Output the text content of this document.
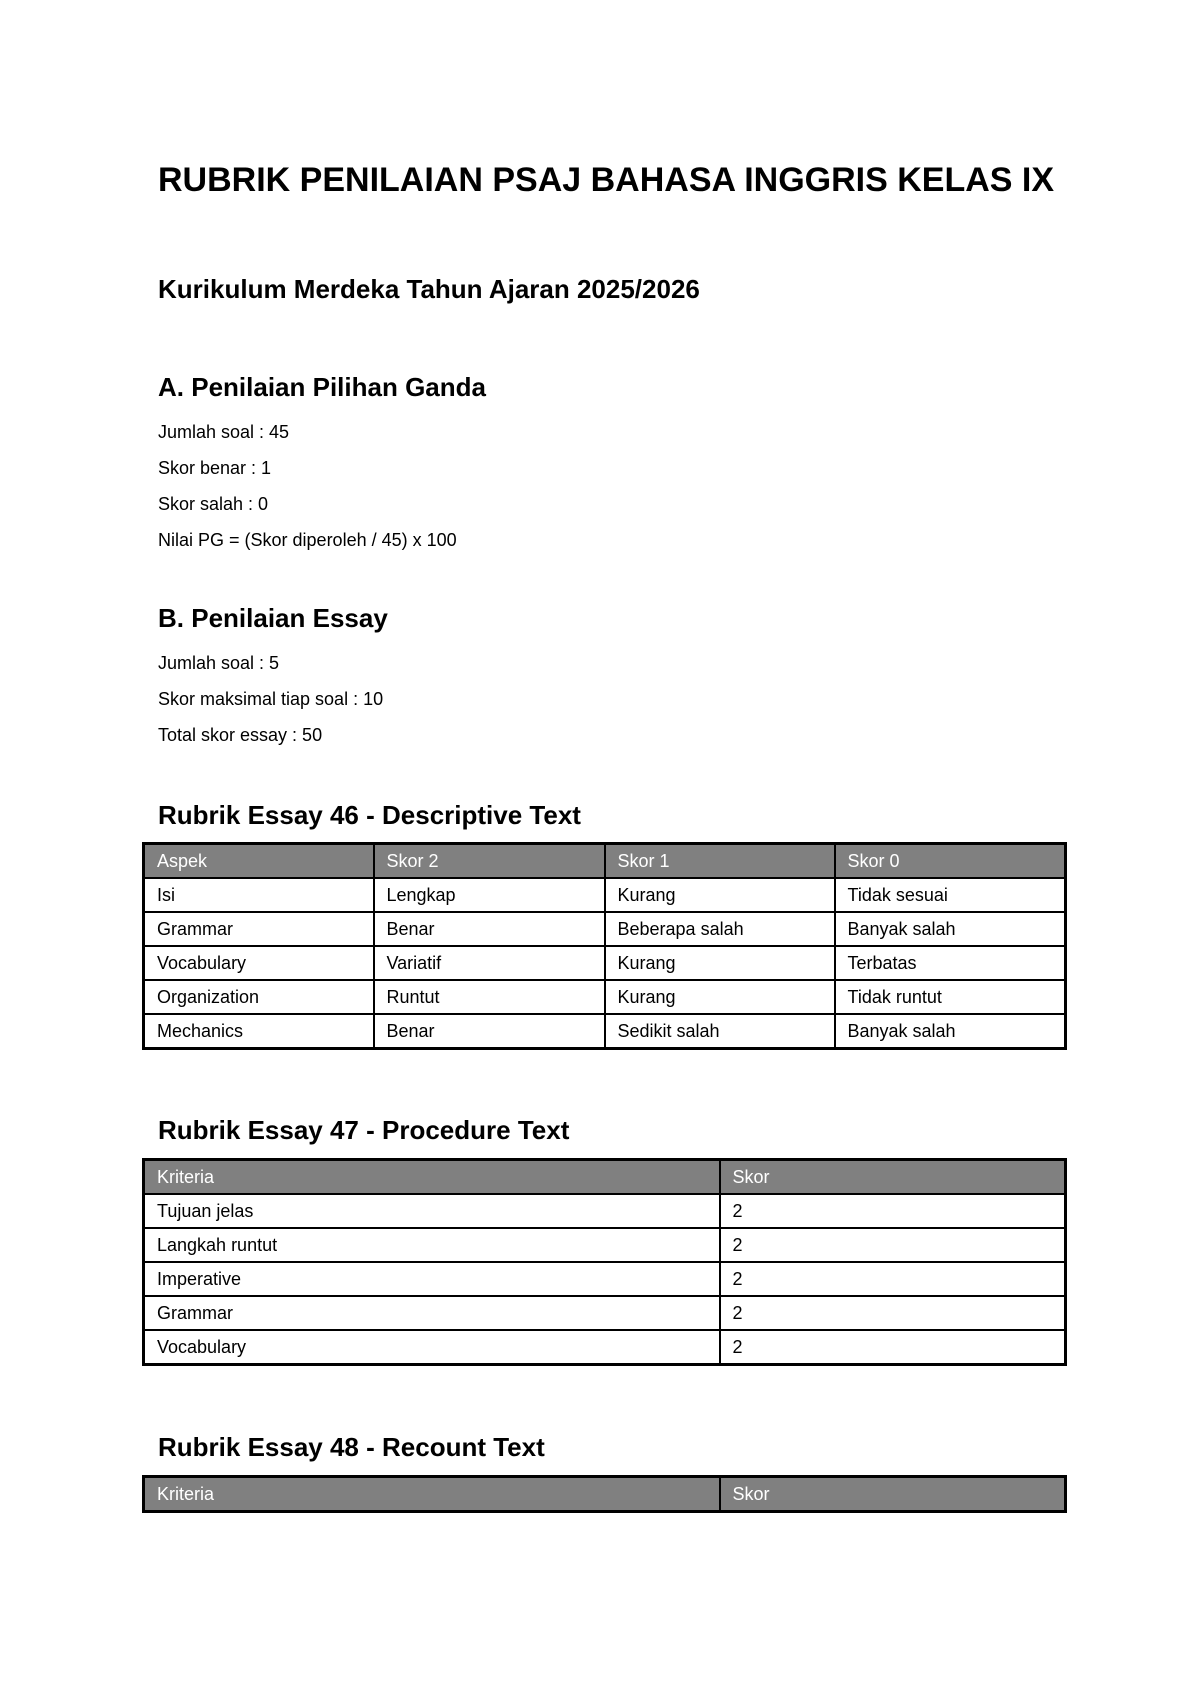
RUBRIK PENILAIAN PSAJ BAHASA INGGRIS KELAS IX
Kurikulum Merdeka Tahun Ajaran 2025/2026
A. Penilaian Pilihan Ganda

Jumlah soal : 45

Skor benar : 1

Skor salah : 0

Nilai PG = (Skor diperoleh / 45) x 100

B. Penilaian Essay

Jumlah soal : 5

Skor maksimal tiap soal : 10

Total skor essay : 50

Rubrik Essay 46 - Descriptive Text
Aspek	Skor 2	Skor 1	Skor 0
Isi	Lengkap	Kurang	Tidak sesuai
Grammar	Benar	Beberapa salah	Banyak salah
Vocabulary	Variatif	Kurang	Terbatas
Organization	Runtut	Kurang	Tidak runtut
Mechanics	Benar	Sedikit salah	Banyak salah
Rubrik Essay 47 - Procedure Text
Kriteria	Skor
Tujuan jelas	2
Langkah runtut	2
Imperative	2
Grammar	2
Vocabulary	2
Rubrik Essay 48 - Recount Text
Kriteria	Skor
